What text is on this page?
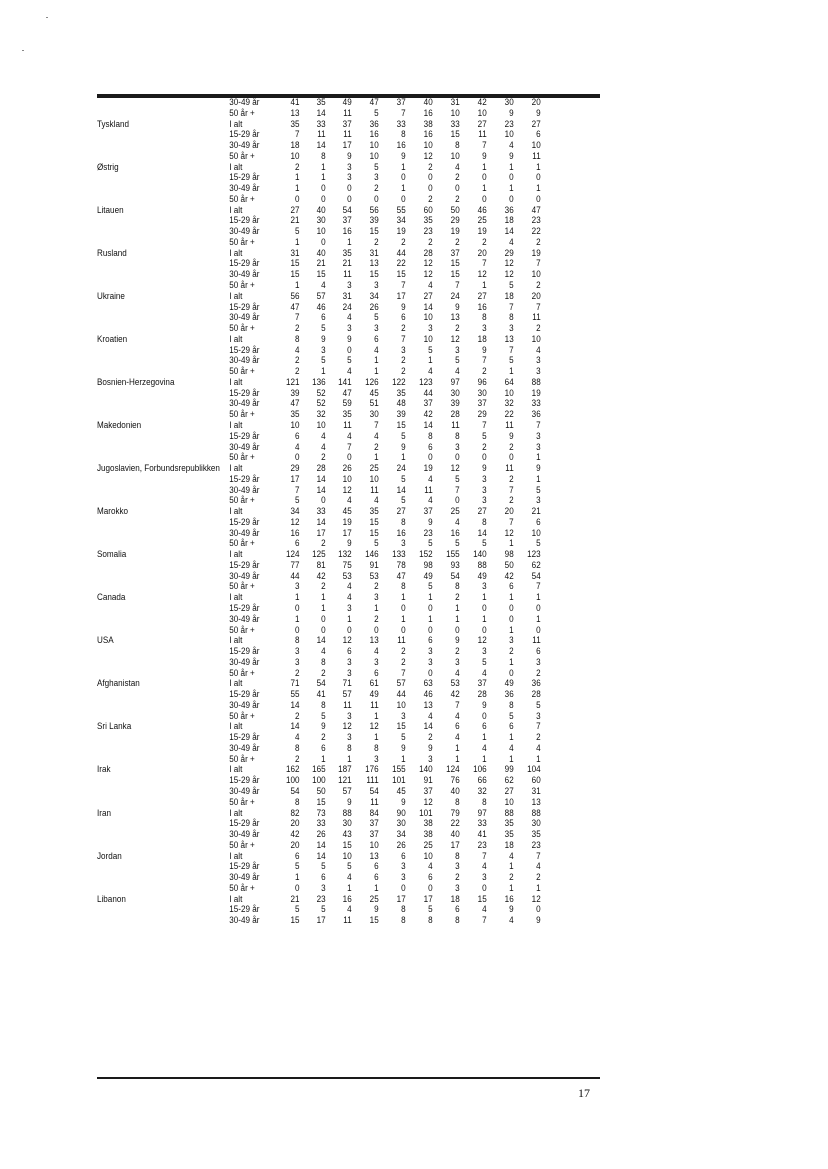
30-49 år	41	35	49	47	37	40	31	42	30	20
50 år +	13	14	11	5	7	16	10	10	9	9
Tyskland	I alt	35	33	37	36	33	38	33	27	23	27
15-29 år	7	11	11	16	8	16	15	11	10	6
30-49 år	18	14	17	10	16	10	8	7	4	10
50 år +	10	8	9	10	9	12	10	9	9	11
Østrig	I alt	2	1	3	5	1	2	4	1	1	1
15-29 år	1	1	3	3	0	0	2	0	0	0
30-49 år	1	0	0	2	1	0	0	1	1	1
50 år +	0	0	0	0	0	2	2	0	0	0
Litauen	I alt	27	40	54	56	55	60	50	46	36	47
15-29 år	21	30	37	39	34	35	29	25	18	23
30-49 år	5	10	16	15	19	23	19	19	14	22
50 år +	1	0	1	2	2	2	2	2	4	2
Rusland	I alt	31	40	35	31	44	28	37	20	29	19
15-29 år	15	21	21	13	22	12	15	7	12	7
30-49 år	15	15	11	15	15	12	15	12	12	10
50 år +	1	4	3	3	7	4	7	1	5	2
Ukraine	I alt	56	57	31	34	17	27	24	27	18	20
15-29 år	47	46	24	26	9	14	9	16	7	7
30-49 år	7	6	4	5	6	10	13	8	8	11
50 år +	2	5	3	3	2	3	2	3	3	2
Kroatien	I alt	8	9	9	6	7	10	12	18	13	10
15-29 år	4	3	0	4	3	5	3	9	7	4
30-49 år	2	5	5	1	2	1	5	7	5	3
50 år +	2	1	4	1	2	4	4	2	1	3
Bosnien-Herzegovina	I alt	121	136	141	126	122	123	97	96	64	88
15-29 år	39	52	47	45	35	44	30	30	10	19
30-49 år	47	52	59	51	48	37	39	37	32	33
50 år +	35	32	35	30	39	42	28	29	22	36
Makedonien	I alt	10	10	11	7	15	14	11	7	11	7
15-29 år	6	4	4	4	5	8	8	5	9	3
30-49 år	4	4	7	2	9	6	3	2	2	3
50 år +	0	2	0	1	1	0	0	0	0	1
Jugoslavien, Forbundsrepublikken I alt	29	28	26	25	24	19	12	9	11	9
15-29 år	17	14	10	10	5	4	5	3	2	1
30-49 år	7	14	12	11	14	11	7	3	7	5
50 år +	5	0	4	4	5	4	0	3	2	3
Marokko	I alt	34	33	45	35	27	37	25	27	20	21
15-29 år	12	14	19	15	8	9	4	8	7	6
30-49 år	16	17	17	15	16	23	16	14	12	10
50 år +	6	2	9	5	3	5	5	5	1	5
Somalia	I alt	124	125	132	146	133	152	155	140	98	123
15-29 år	77	81	75	91	78	98	93	88	50	62
30-49 år	44	42	53	53	47	49	54	49	42	54
50 år +	3	2	4	2	8	5	8	3	6	7
Canada	I alt	1	1	4	3	1	1	2	1	1	1
15-29 år	0	1	3	1	0	0	1	0	0	0
30-49 år	1	0	1	2	1	1	1	1	0	1
50 år +	0	0	0	0	0	0	0	0	1	0
USA	I alt	8	14	12	13	11	6	9	12	3	11
15-29 år	3	4	6	4	2	3	2	3	2	6
30-49 år	3	8	3	3	2	3	3	5	1	3
50 år +	2	2	3	6	7	0	4	4	0	2
Afghanistan	I alt	71	54	71	61	57	63	53	37	49	36
15-29 år	55	41	57	49	44	46	42	28	36	28
30-49 år	14	8	11	11	10	13	7	9	8	5
50 år +	2	5	3	1	3	4	4	0	5	3
Sri Lanka	I alt	14	9	12	12	15	14	6	6	6	7
15-29 år	4	2	3	1	5	2	4	1	1	2
30-49 år	8	6	8	8	9	9	1	4	4	4
50 år +	2	1	1	3	1	3	1	1	1	1
Irak	I alt	162	165	187	176	155	140	124	106	99	104
15-29 år	100	100	121	111	101	91	76	66	62	60
30-49 år	54	50	57	54	45	37	40	32	27	31
50 år +	8	15	9	11	9	12	8	8	10	13
Iran	I alt	82	73	88	84	90	101	79	97	88	88
15-29 år	20	33	30	37	30	38	22	33	35	30
30-49 år	42	26	43	37	34	38	40	41	35	35
50 år +	20	14	15	10	26	25	17	23	18	23
Jordan	I alt	6	14	10	13	6	10	8	7	4	7
15-29 år	5	5	5	6	3	4	3	4	1	4
30-49 år	1	6	4	6	3	6	2	3	2	2
50 år +	0	3	1	1	0	0	3	0	1	1
Libanon	I alt	21	23	16	25	17	17	18	15	16	12
15-29 år	5	5	4	9	8	5	6	4	9	0
30-49 år	15	17	11	15	8	8	8	7	4	9
17
